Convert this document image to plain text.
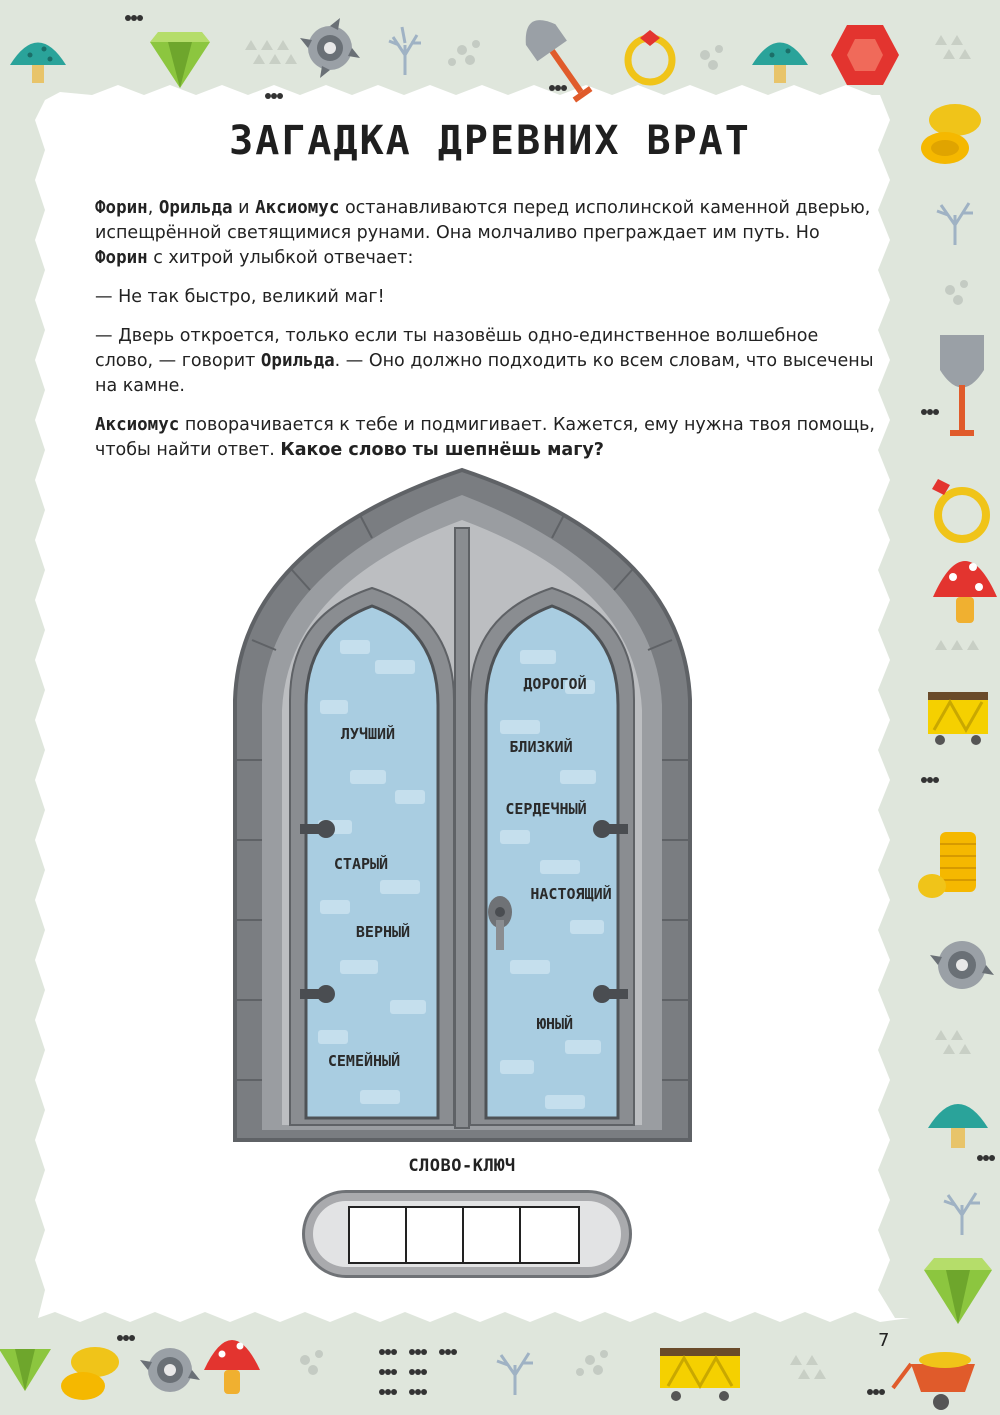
ЗАГАДКА ДРЕВНИХ ВРАТ

Форин, Орильда и Аксиомус останавливаются перед исполинской каменной дверью, испещрённой светящимися рунами. Она молчаливо преграждает им путь. Но Форин с хитрой улыбкой отвечает:

— Не так быстро, великий маг!

— Дверь откроется, только если ты назовёшь одно-единственное волшебное слово, — говорит Орильда. — Оно должно подходить ко всем словам, что высечены на камне.

Аксиомус поворачивается к тебе и подмигивает. Кажется, ему нужна твоя помощь, чтобы найти ответ. Какое слово ты шепнёшь магу?

ЛУЧШИЙ
СТАРЫЙ
ВЕРНЫЙ
СЕМЕЙНЫЙ
ДОРОГОЙ
БЛИЗКИЙ
СЕРДЕЧНЫЙ
НАСТОЯЩИЙ
ЮНЫЙ
СЛОВО-КЛЮЧ
7
